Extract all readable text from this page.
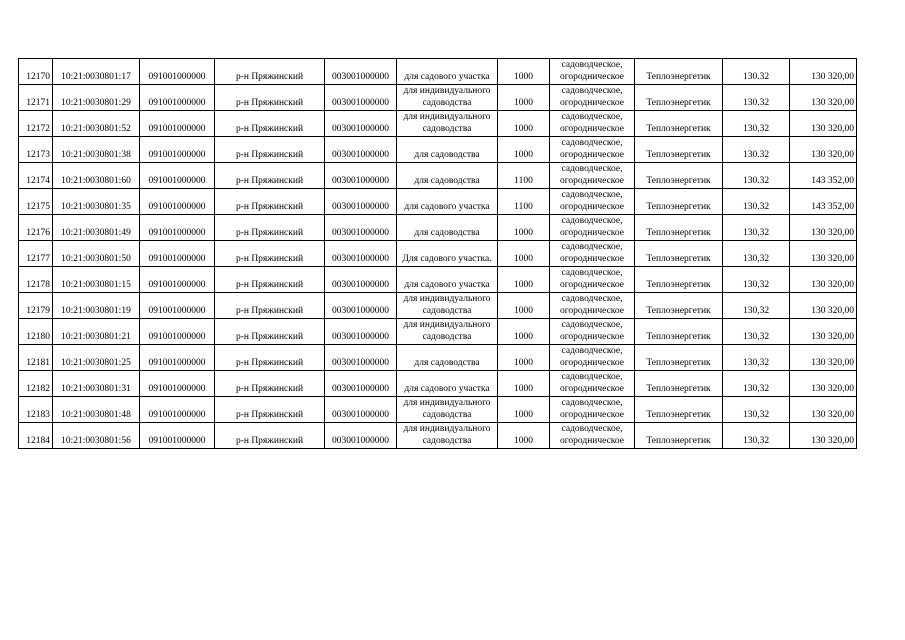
12170	10:21:0030801:17	091001000000	р-н Пряжинский	003001000000	для садового участка	1000	садоводческое, огородническое	Теплоэнергетик	130.32	130 320,00
12171	10:21:0030801:29	091001000000	р-н Пряжинский	003001000000	для индивидуального садоводства	1000	садоводческое, огородническое	Теплоэнергетик	130.32	130 320,00
12172	10:21:0030801:52	091001000000	р-н Пряжинский	003001000000	для индивидуального садоводства	1000	садоводческое, огородническое	Теплоэнергетик	130,32	130 320,00
12173	10:21:0030801:38	091001000000	р-н Пряжинский	003001000000	для садоводства	1000	садоводческое, огородническое	Теплоэнергетик	130.32	130 320,00
12174	10:21:0030801:60	091001000000	р-н Пряжинский	003001000000	для садоводства	1100	садоводческое, огородническое	Теплоэнергетик	130.32	143 352,00
12175	10:21:0030801:35	091001000000	р-н Пряжинский	003001000000	для садового участка	1100	садоводческое, огородническое	Теплоэнергетик	130.32	143 352,00
12176	10:21:0030801:49	091001000000	р-н Пряжинский	003001000000	для садоводства	1000	садоводческое, огородническое	Теплоэнергетик	130,32	130 320,00
12177	10:21:0030801:50	091001000000	р-н Пряжинский	003001000000	Для садового участка.	1000	садоводческое, огородническое	Теплоэнергетик	130,32	130 320,00
12178	10:21:0030801:15	091001000000	р-н Пряжинский	003001000000	для садового участка	1000	садоводческое, огородническое	Теплоэнергетик	130,32	130 320,00
12179	10:21:0030801:19	091001000000	р-н Пряжинский	003001000000	для индивидуального садоводства	1000	садоводческое, огородническое	Теплоэнергетик	130,32	130 320,00
12180	10:21:0030801:21	091001000000	р-н Пряжинский	003001000000	для индивидуального садоводства	1000	садоводческое, огородническое	Теплоэнергетик	130,32	130 320,00
12181	10:21:0030801:25	091001000000	р-н Пряжинский	003001000000	для садоводства	1000	садоводческое, огородническое	Теплоэнергетик	130,32	130 320,00
12182	10:21:0030801:31	091001000000	р-н Пряжинский	003001000000	для садового участка	1000	садоводческое, огородническое	Теплоэнергетик	130,32	130 320,00
12183	10:21:0030801:48	091001000000	р-н Пряжинский	003001000000	для индивидуального садоводства	1000	садоводческое, огородническое	Теплоэнергетик	130,32	130 320,00
12184	10:21:0030801:56	091001000000	р-н Пряжинский	003001000000	для индивидуального садоводства	1000	садоводческое, огородническое	Теплоэнергетик	130,32	130 320,00
